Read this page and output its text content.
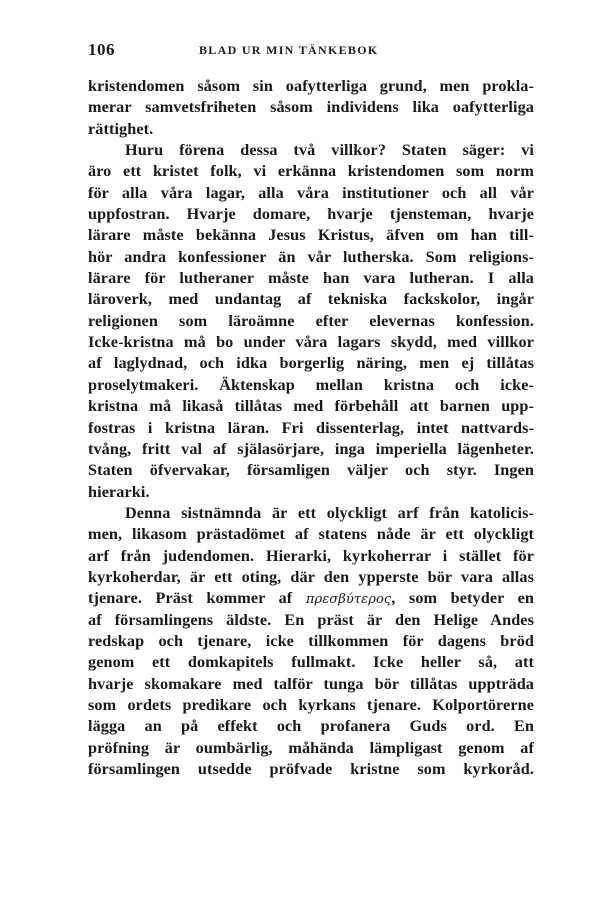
106	BLAD UR MIN TÄNKEBOK
kristendomen såsom sin oafytterliga grund, men prokla-
merar samvetsfriheten såsom individens lika oafytterliga
rättighet.
Huru förena dessa två villkor? Staten säger: vi
äro ett kristet folk, vi erkänna kristendomen som norm
för alla våra lagar, alla våra institutioner och all vår
uppfostran. Hvarje domare, hvarje tjensteman, hvarje
lärare måste bekänna Jesus Kristus, äfven om han till-
hör andra konfessioner än vår lutherska. Som religions-
lärare för lutheraner måste han vara lutheran. I alla
läroverk, med undantag af tekniska fackskolor, ingår
religionen som läroämne efter elevernas konfession.
Icke-kristna må bo under våra lagars skydd, med villkor
af laglydnad, och idka borgerlig näring, men ej tillåtas
proselytmakeri. Äktenskap mellan kristna och icke-
kristna må likaså tillåtas med förbehåll att barnen upp-
fostras i kristna läran. Fri dissenterlag, intet nattvards-
tvång, fritt val af själasörjare, inga imperiella lägenheter.
Staten öfvervakar, församligen väljer och styr. Ingen
hierarki.
Denna sistnämnda är ett olyckligt arf från katolicis-
men, likasom prästadömet af statens nåde är ett olyckligt
arf från judendomen. Hierarki, kyrkoherrar i stället för
kyrkoherdar, är ett oting, där den ypperste bör vara allas
tjenare. Präst kommer af πρεσβύτερος, som betyder en
af församlingens äldste. En präst är den Helige Andes
redskap och tjenare, icke tillkommen för dagens bröd
genom ett domkapitels fullmakt. Icke heller så, att
hvarje skomakare med talför tunga bör tillåtas uppträda
som ordets predikare och kyrkans tjenare. Kolportörerne
lägga an på effekt och profanera Guds ord. En
pröfning är oumbärlig, måhända lämpligast genom af
församlingen utsedde pröfvade kristne som kyrkoråd.
